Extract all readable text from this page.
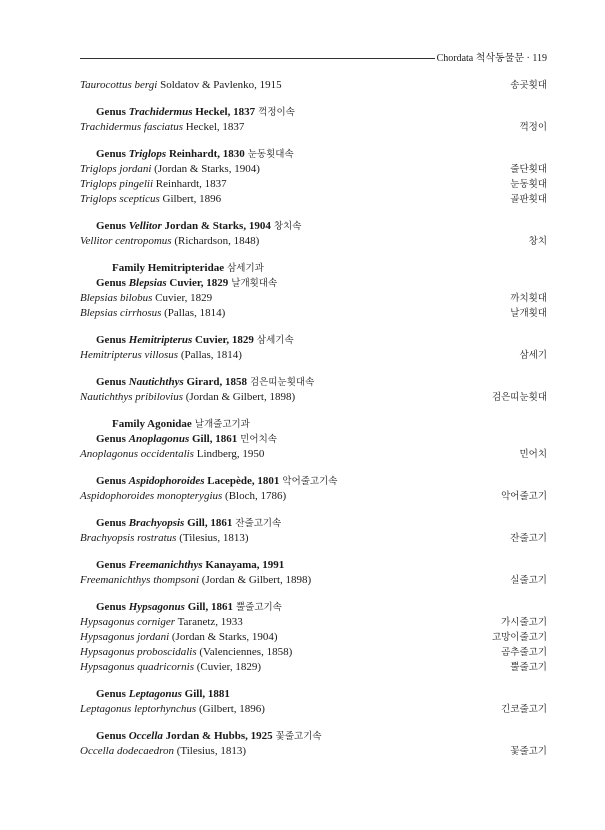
Chordata 척삭동물문 · 119
Taurocottus bergi Soldatov & Pavlenko, 1915	송곳횟대
Genus Trachidermus Heckel, 1837 꺽정이속
Trachidermus fasciatus Heckel, 1837	꺽정이
Genus Triglops Reinhardt, 1830 눈동횟대속
Triglops jordani (Jordan & Starks, 1904)	줄단횟대
Triglops pingelii Reinhardt, 1837	눈동횟대
Triglops scepticus Gilbert, 1896	골판횟대
Genus Vellitor Jordan & Starks, 1904 창치속
Vellitor centropomus (Richardson, 1848)	창치
Family Hemitripteridae 삼세기과
Genus Blepsias Cuvier, 1829 날개횟대속
Blepsias bilobus Cuvier, 1829	까치횟대
Blepsias cirrhosus (Pallas, 1814)	날개횟대
Genus Hemitripterus Cuvier, 1829 삼세기속
Hemitripterus villosus (Pallas, 1814)	삼세기
Genus Nautichthys Girard, 1858 검은띠눈횟대속
Nautichthys pribilovius (Jordan & Gilbert, 1898)	검은띠눈횟대
Family Agonidae 날개줄고기과
Genus Anoplagonus Gill, 1861 민어치속
Anoplagonus occidentalis Lindberg, 1950	민어치
Genus Aspidophoroides Lacepède, 1801 악어줄고기속
Aspidophoroides monopterygius (Bloch, 1786)	악어줄고기
Genus Brachyopsis Gill, 1861 잔줄고기속
Brachyopsis rostratus (Tilesius, 1813)	잔줄고기
Genus Freemanichthys Kanayama, 1991
Freemanichthys thompsoni (Jordan & Gilbert, 1898)	실줄고기
Genus Hypsagonus Gill, 1861 뿔줄고기속
Hypsagonus corniger Taranetz, 1933	가시줄고기
Hypsagonus jordani (Jordan & Starks, 1904)	고망이줄고기
Hypsagonus proboscidalis (Valenciennes, 1858)	곰추줄고기
Hypsagonus quadricornis (Cuvier, 1829)	뿔줄고기
Genus Leptagonus Gill, 1881
Leptagonus leptorhynchus (Gilbert, 1896)	긴코줄고기
Genus Occella Jordan & Hubbs, 1925 꽃줄고기속
Occella dodecaedron (Tilesius, 1813)	꽃줄고기
